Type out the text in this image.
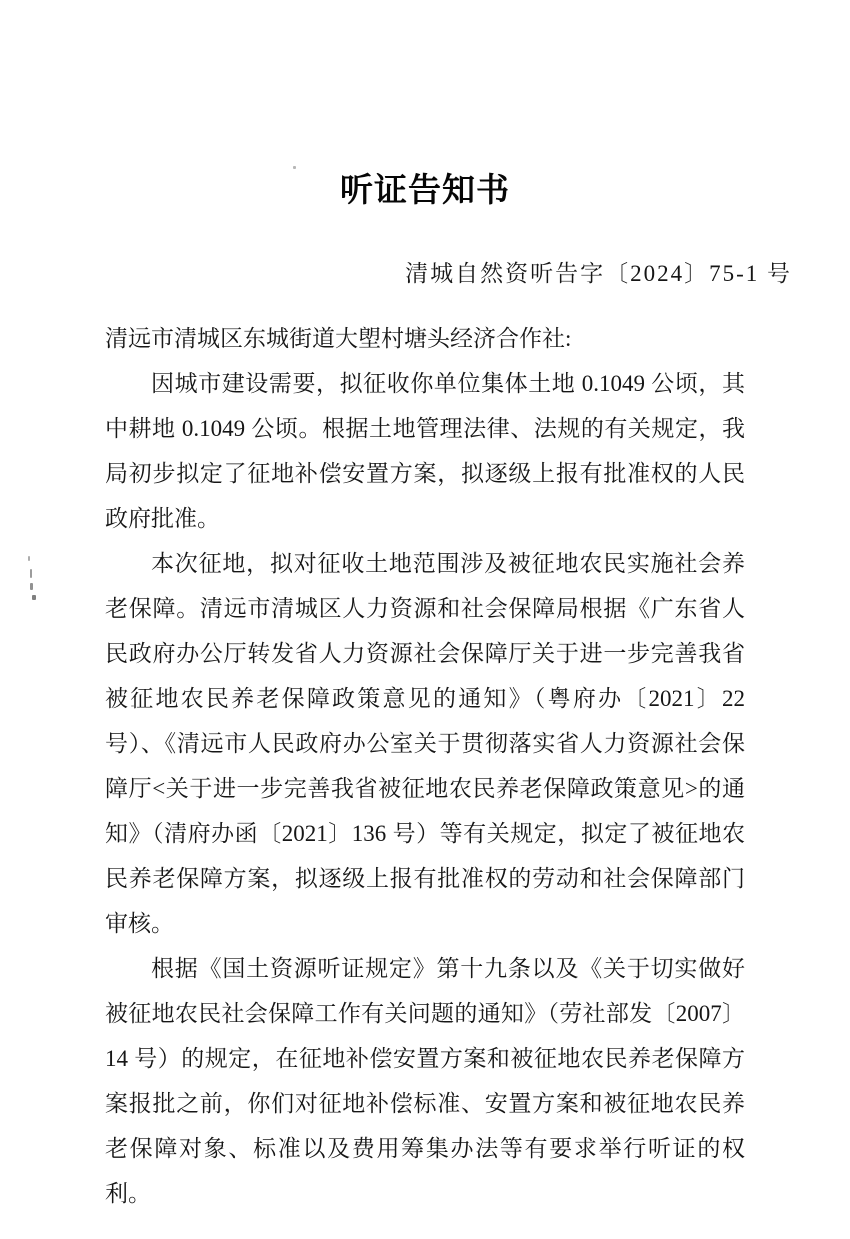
听证告知书
清城自然资听告字〔2024〕75-1 号

清远市清城区东城街道大塱村塘头经济合作社:

因城市建设需要，拟征收你单位集体土地 0.1049 公顷，其中耕地 0.1049 公顷。根据土地管理法律、法规的有关规定，我局初步拟定了征地补偿安置方案，拟逐级上报有批准权的人民政府批准。

本次征地，拟对征收土地范围涉及被征地农民实施社会养老保障。清远市清城区人力资源和社会保障局根据《广东省人民政府办公厅转发省人力资源社会保障厅关于进一步完善我省被征地农民养老保障政策意见的通知》（粤府办〔2021〕22 号）、《清远市人民政府办公室关于贯彻落实省人力资源社会保障厅<关于进一步完善我省被征地农民养老保障政策意见>的通知》（清府办函〔2021〕136 号）等有关规定，拟定了被征地农民养老保障方案，拟逐级上报有批准权的劳动和社会保障部门审核。

根据《国土资源听证规定》第十九条以及《关于切实做好被征地农民社会保障工作有关问题的通知》（劳社部发〔2007〕14 号）的规定，在征地补偿安置方案和被征地农民养老保障方案报批之前，你们对征地补偿标准、安置方案和被征地农民养老保障对象、标准以及费用筹集办法等有要求举行听证的权利。
